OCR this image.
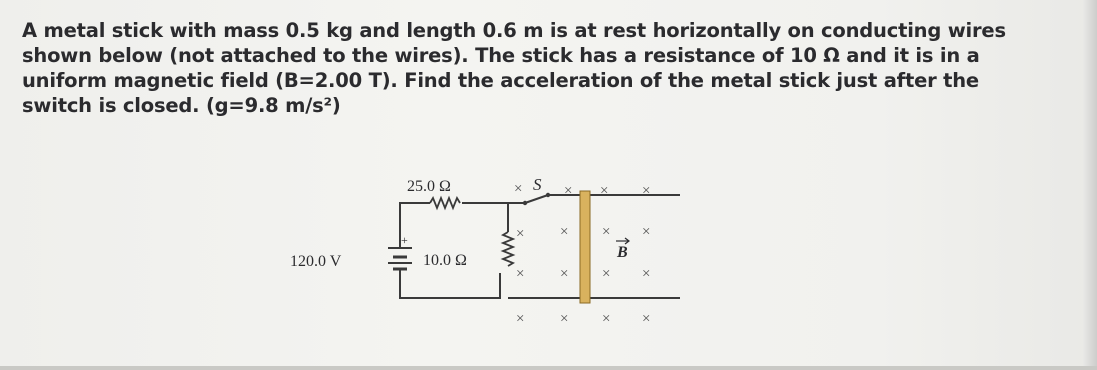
A metal stick with mass 0.5 kg and length 0.6 m is at rest horizontally on conducting wires
shown below (not attached to the wires). The stick has a resistance of 10 Ω and it is in a
uniform magnetic field (B=2.00 T). Find the acceleration of the metal stick just after the
switch is closed. (g=9.8 m/s²)
25.0 Ω
10.0 Ω
+
120.0 V
S
B
×	× × ×
× × × ×
× × × ×
× × × ×
